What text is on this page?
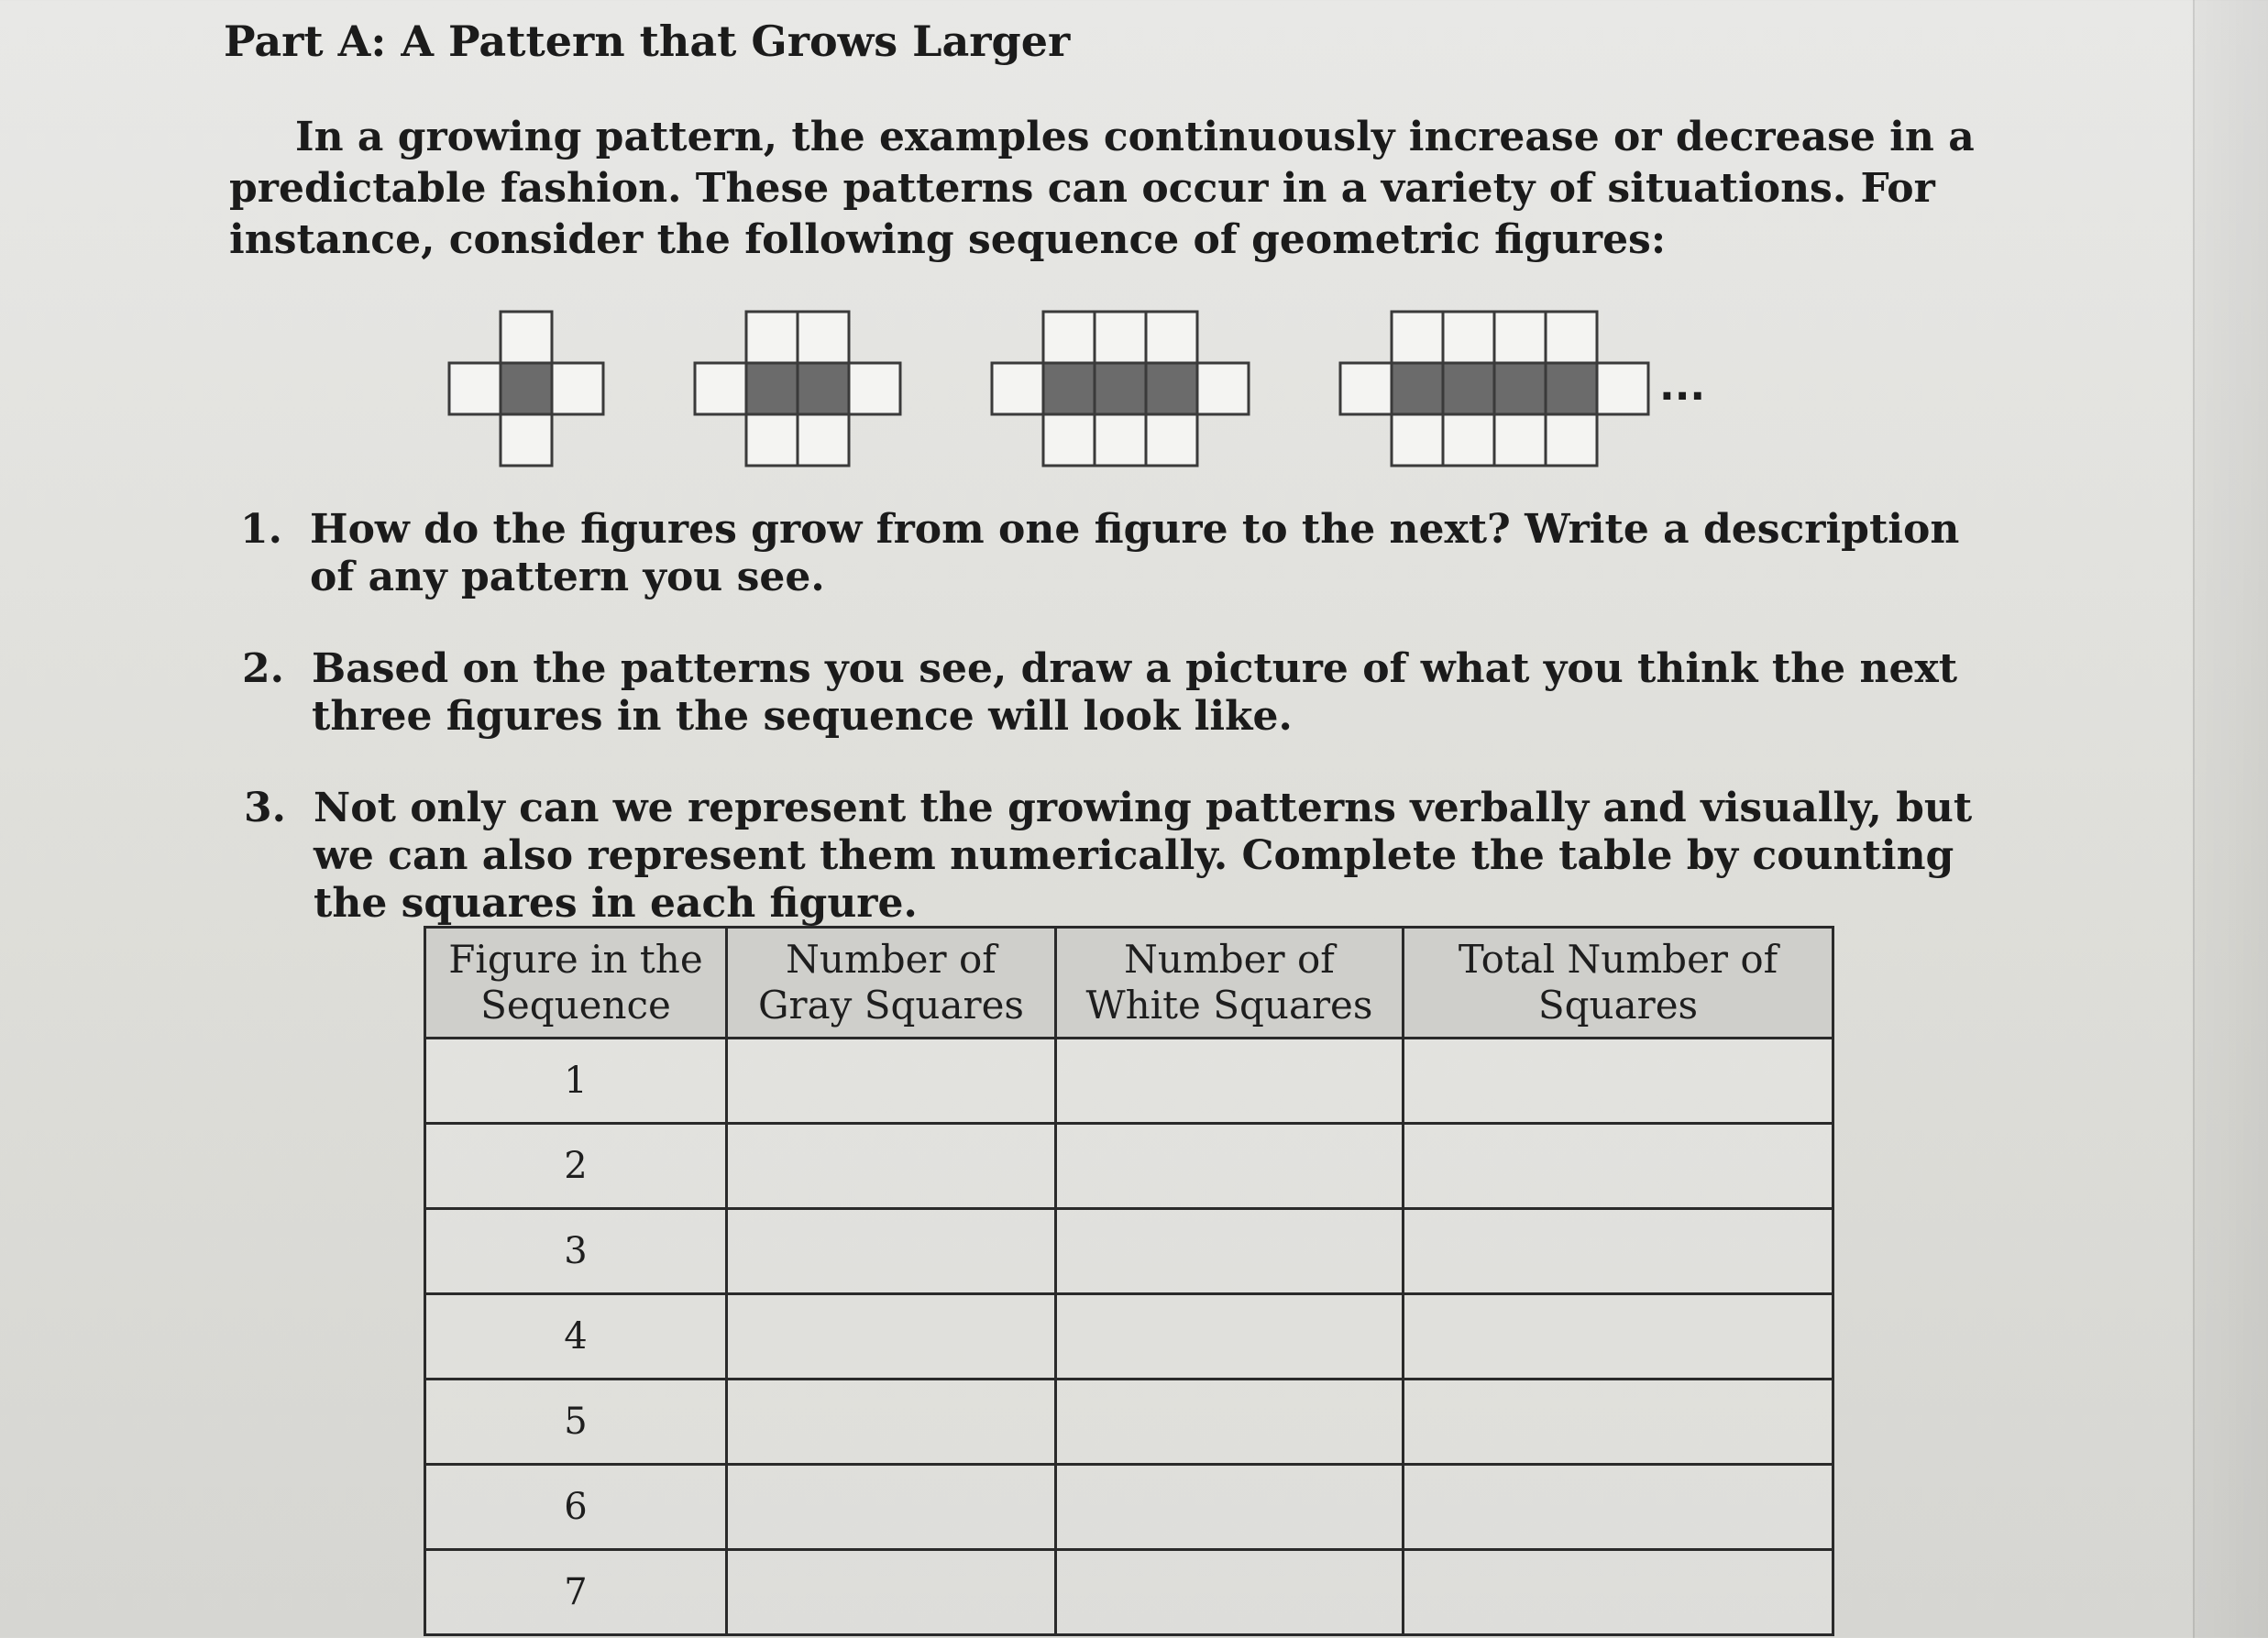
Part A: A Pattern that Grows Larger
In a growing pattern, the examples continuously increase or decrease in a predictable fashion. These patterns can occur in a variety of situations. For instance, consider the following sequence of geometric figures:
...
1. How do the figures grow from one figure to the next? Write a description of any pattern you see.
2. Based on the patterns you see, draw a picture of what you think the next three figures in the sequence will look like.
3. Not only can we represent the growing patterns verbally and visually, but we can also represent them numerically. Complete the table by counting the squares in each figure.
Figure in the Sequence	Number of Gray Squares	Number of White Squares	Total Number of Squares
1			
2			
3			
4			
5			
6			
7			
